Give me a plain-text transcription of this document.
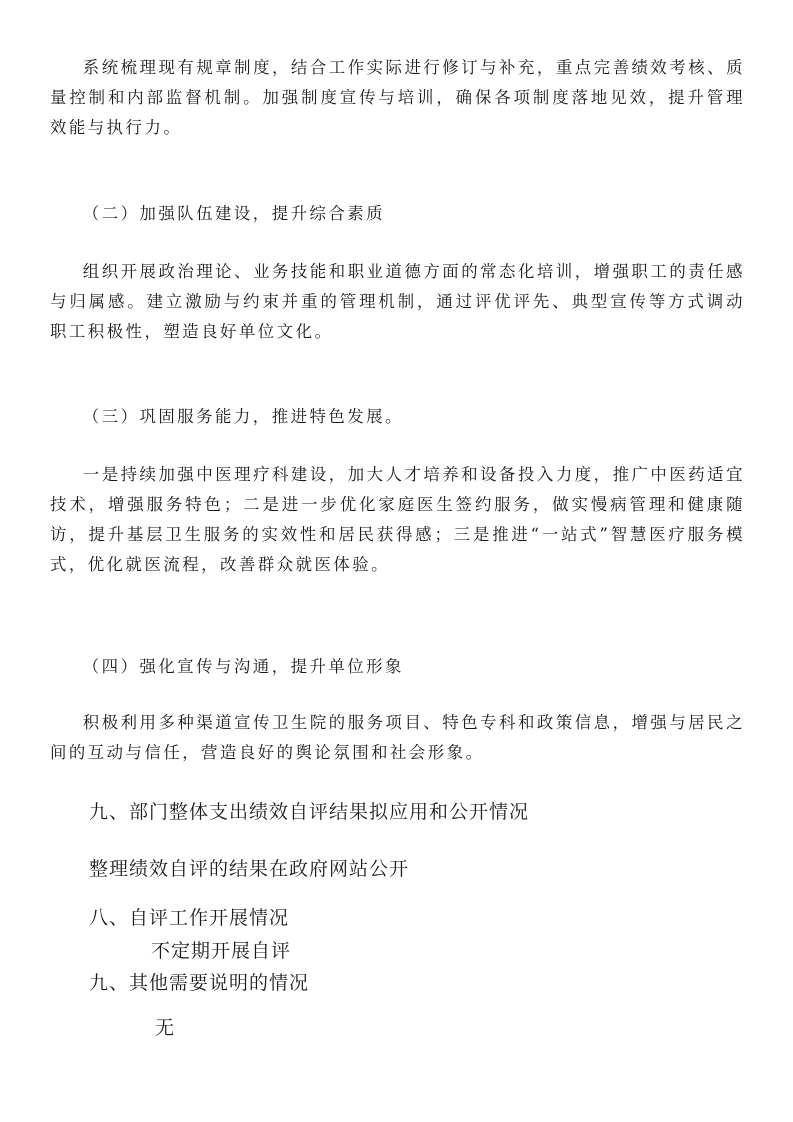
系统梳理现有规章制度，结合工作实际进行修订与补充，重点完善绩效考核、质量控制和内部监督机制。加强制度宣传与培训，确保各项制度落地见效，提升管理效能与执行力。

（二）加强队伍建设，提升综合素质

组织开展政治理论、业务技能和职业道德方面的常态化培训，增强职工的责任感与归属感。建立激励与约束并重的管理机制，通过评优评先、典型宣传等方式调动职工积极性，塑造良好单位文化。

（三）巩固服务能力，推进特色发展。

一是持续加强中医理疗科建设，加大人才培养和设备投入力度，推广中医药适宜技术，增强服务特色；二是进一步优化家庭医生签约服务，做实慢病管理和健康随访，提升基层卫生服务的实效性和居民获得感；三是推进“一站式”智慧医疗服务模式，优化就医流程，改善群众就医体验。

（四）强化宣传与沟通，提升单位形象

积极利用多种渠道宣传卫生院的服务项目、特色专科和政策信息，增强与居民之间的互动与信任，营造良好的舆论氛围和社会形象。

九、部门整体支出绩效自评结果拟应用和公开情况

整理绩效自评的结果在政府网站公开

八、自评工作开展情况

不定期开展自评

九、其他需要说明的情况

无
